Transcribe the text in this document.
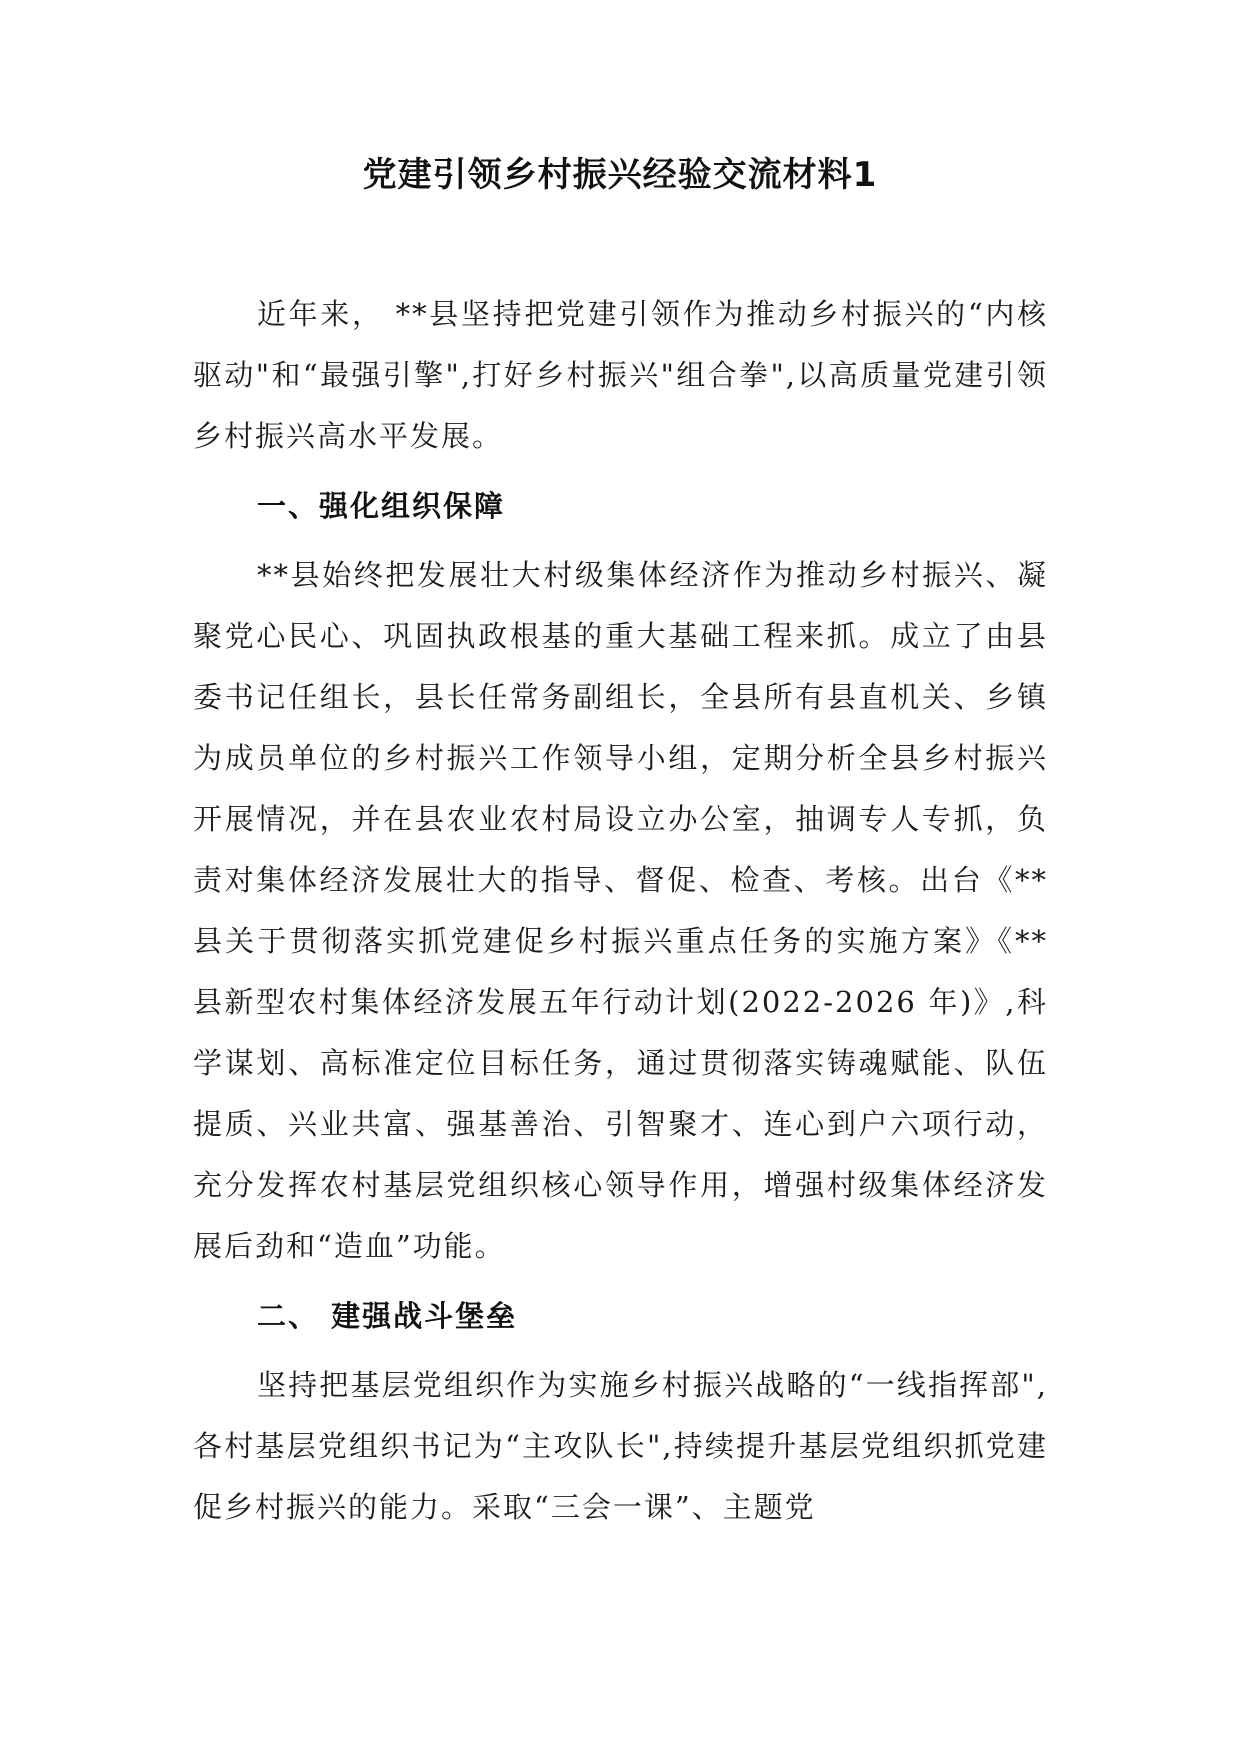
党建引领乡村振兴经验交流材料1

近年来， **县坚持把党建引领作为推动乡村振兴的“内核驱动"和“最强引擎",打好乡村振兴"组合拳",以高质量党建引领乡村振兴高水平发展。

一、强化组织保障

**县始终把发展壮大村级集体经济作为推动乡村振兴、凝聚党心民心、巩固执政根基的重大基础工程来抓。成立了由县委书记任组长，县长任常务副组长，全县所有县直机关、乡镇为成员单位的乡村振兴工作领导小组，定期分析全县乡村振兴开展情况，并在县农业农村局设立办公室，抽调专人专抓，负责对集体经济发展壮大的指导、督促、检查、考核。出台《**县关于贯彻落实抓党建促乡村振兴重点任务的实施方案》《**县新型农村集体经济发展五年行动计划(2022-2026 年)》,科学谋划、高标准定位目标任务，通过贯彻落实铸魂赋能、队伍提质、兴业共富、强基善治、引智聚才、连心到户六项行动，充分发挥农村基层党组织核心领导作用，增强村级集体经济发展后劲和“造血”功能。

二、 建强战斗堡垒

坚持把基层党组织作为实施乡村振兴战略的“一线指挥部",各村基层党组织书记为“主攻队长",持续提升基层党组织抓党建促乡村振兴的能力。采取“三会一课”、主题党
